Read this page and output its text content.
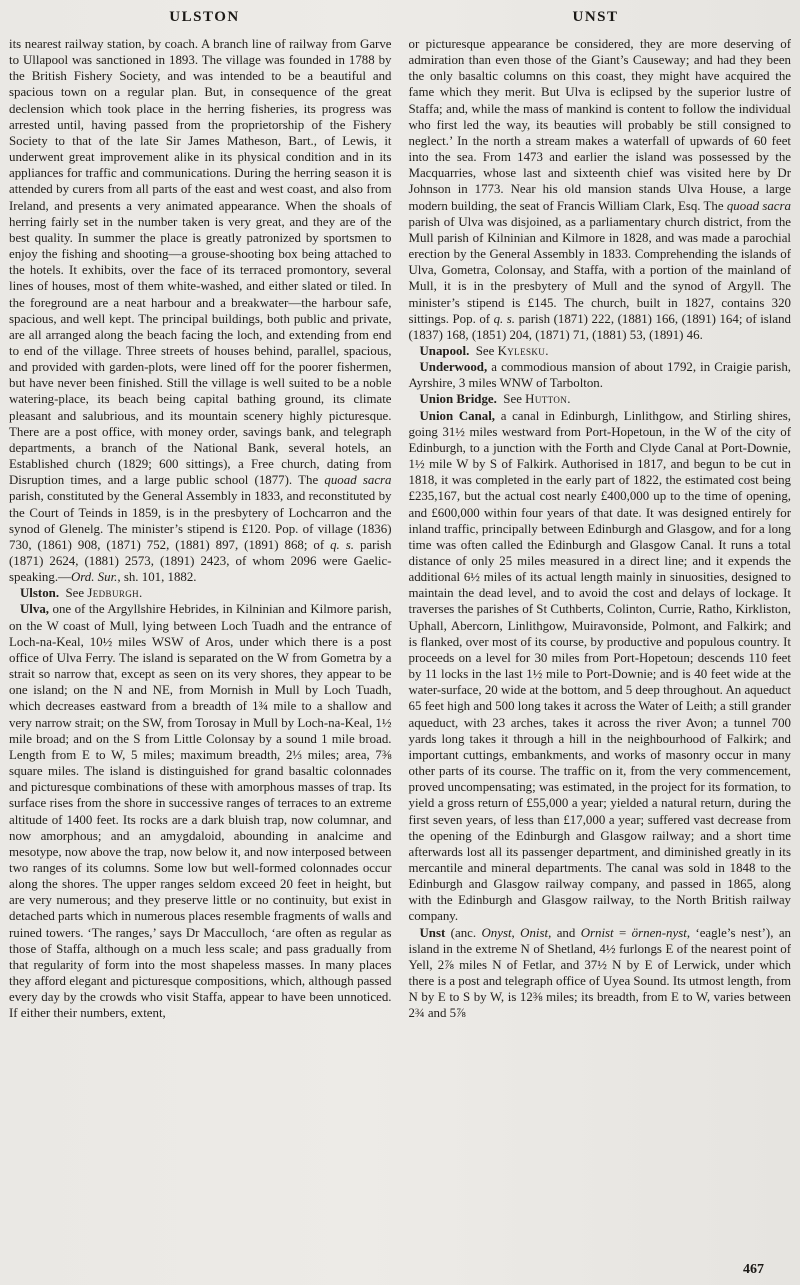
ULSTON	UNST

its nearest railway station, by coach. A branch line of railway from Garve to Ullapool was sanctioned in 1893. The village was founded in 1788 by the British Fishery Society, and was intended to be a beautiful and spacious town on a regular plan. But, in consequence of the great declension which took place in the herring fisheries, its progress was arrested until, having passed from the proprietorship of the Fishery Society to that of the late Sir James Matheson, Bart., of Lewis, it underwent great improvement alike in its physical condition and in its appliances for traffic and communications. During the herring season it is attended by curers from all parts of the east and west coast, and also from Ireland, and presents a very animated appearance. When the shoals of herring fairly set in the number taken is very great, and they are of the best quality. In summer the place is greatly patronized by sportsmen to enjoy the fishing and shooting—a grouse-shooting box being attached to the hotels. It exhibits, over the face of its terraced promontory, several lines of houses, most of them white-washed, and either slated or tiled. In the foreground are a neat harbour and a breakwater—the harbour safe, spacious, and well kept. The principal buildings, both public and private, are all arranged along the beach facing the loch, and extending from end to end of the village. Three streets of houses behind, parallel, spacious, and provided with garden-plots, were lined off for the poorer fishermen, but have never been finished. Still the village is well suited to be a noble watering-place, its beach being capital bathing ground, its climate pleasant and salubrious, and its mountain scenery highly picturesque. There are a post office, with money order, savings bank, and telegraph departments, a branch of the National Bank, several hotels, an Established church (1829; 600 sittings), a Free church, dating from Disruption times, and a large public school (1877). The quoad sacra parish, constituted by the General Assembly in 1833, and reconstituted by the Court of Teinds in 1859, is in the presbytery of Lochcarron and the synod of Glenelg. The minister’s stipend is £120. Pop. of village (1836) 730, (1861) 908, (1871) 752, (1881) 897, (1891) 868; of q. s. parish (1871) 2624, (1881) 2573, (1891) 2423, of whom 2096 were Gaelic-speaking.—Ord. Sur., sh. 101, 1882.

Ulston.  See Jedburgh.

Ulva, one of the Argyllshire Hebrides, in Kilninian and Kilmore parish, on the W coast of Mull, lying between Loch Tuadh and the entrance of Loch-na-Keal, 10½ miles WSW of Aros, under which there is a post office of Ulva Ferry. The island is separated on the W from Gometra by a strait so narrow that, except as seen on its very shores, they appear to be one island; on the N and NE, from Mornish in Mull by Loch Tuadh, which decreases eastward from a breadth of 1¾ mile to a shallow and very narrow strait; on the SW, from Torosay in Mull by Loch-na-Keal, 1½ mile broad; and on the S from Little Colonsay by a sound 1 mile broad. Length from E to W, 5 miles; maximum breadth, 2⅓ miles; area, 7⅜ square miles. The island is distinguished for grand basaltic colonnades and picturesque combinations of these with amorphous masses of trap. Its surface rises from the shore in successive ranges of terraces to an extreme altitude of 1400 feet. Its rocks are a dark bluish trap, now columnar, and now amorphous; and an amygdaloid, abounding in analcime and mesotype, now above the trap, now below it, and now interposed between two ranges of its columns. Some low but well-formed colonnades occur along the shores. The upper ranges seldom exceed 20 feet in height, but are very numerous; and they preserve little or no continuity, but exist in detached parts which in numerous places resemble fragments of walls and ruined towers. ‘The ranges,’ says Dr Macculloch, ‘are often as regular as those of Staffa, although on a much less scale; and pass gradually from that regularity of form into the most shapeless masses. In many places they afford elegant and picturesque compositions, which, although passed every day by the crowds who visit Staffa, appear to have been unnoticed. If either their numbers, extent,

or picturesque appearance be considered, they are more deserving of admiration than even those of the Giant’s Causeway; and had they been the only basaltic columns on this coast, they might have acquired the fame which they merit. But Ulva is eclipsed by the superior lustre of Staffa; and, while the mass of mankind is content to follow the individual who first led the way, its beauties will probably be still consigned to neglect.’ In the north a stream makes a waterfall of upwards of 60 feet into the sea. From 1473 and earlier the island was possessed by the Macquarries, whose last and sixteenth chief was visited here by Dr Johnson in 1773. Near his old mansion stands Ulva House, a large modern building, the seat of Francis William Clark, Esq. The quoad sacra parish of Ulva was disjoined, as a parliamentary church district, from the Mull parish of Kilninian and Kilmore in 1828, and was made a parochial erection by the General Assembly in 1833. Comprehending the islands of Ulva, Gometra, Colonsay, and Staffa, with a portion of the mainland of Mull, it is in the presbytery of Mull and the synod of Argyll. The minister’s stipend is £145. The church, built in 1827, contains 320 sittings. Pop. of q. s. parish (1871) 222, (1881) 166, (1891) 164; of island (1837) 168, (1851) 204, (1871) 71, (1881) 53, (1891) 46.

Unapool.  See Kylesku.

Underwood, a commodious mansion of about 1792, in Craigie parish, Ayrshire, 3 miles WNW of Tarbolton.

Union Bridge.  See Hutton.

Union Canal, a canal in Edinburgh, Linlithgow, and Stirling shires, going 31½ miles westward from Port-Hopetoun, in the W of the city of Edinburgh, to a junction with the Forth and Clyde Canal at Port-Downie, 1½ mile W by S of Falkirk. Authorised in 1817, and begun to be cut in 1818, it was completed in the early part of 1822, the estimated cost being £235,167, but the actual cost nearly £400,000 up to the time of opening, and £600,000 within four years of that date. It was designed entirely for inland traffic, principally between Edinburgh and Glasgow, and for a long time was often called the Edinburgh and Glasgow Canal. It runs a total distance of only 25 miles measured in a direct line; and it expends the additional 6½ miles of its actual length mainly in sinuosities, designed to maintain the dead level, and to avoid the cost and delays of lockage. It traverses the parishes of St Cuthberts, Colinton, Currie, Ratho, Kirkliston, Uphall, Abercorn, Linlithgow, Muiravonside, Polmont, and Falkirk; and is flanked, over most of its course, by productive and populous country. It proceeds on a level for 30 miles from Port-Hopetoun; descends 110 feet by 11 locks in the last 1½ mile to Port-Downie; and is 40 feet wide at the water-surface, 20 wide at the bottom, and 5 deep throughout. An aqueduct 65 feet high and 500 long takes it across the Water of Leith; a still grander aqueduct, with 23 arches, takes it across the river Avon; a tunnel 700 yards long takes it through a hill in the neighbourhood of Falkirk; and important cuttings, embankments, and works of masonry occur in many other parts of its course. The traffic on it, from the very commencement, proved uncompensating; was estimated, in the project for its formation, to yield a gross return of £55,000 a year; yielded a natural return, during the first seven years, of less than £17,000 a year; suffered vast decrease from the opening of the Edinburgh and Glasgow railway; and a short time afterwards lost all its passenger department, and diminished greatly in its mercantile and mineral departments. The canal was sold in 1848 to the Edinburgh and Glasgow railway company, and passed in 1865, along with the Edinburgh and Glasgow railway, to the North British railway company.

Unst (anc. Onyst, Onist, and Ornist = örnen-nyst, ‘eagle’s nest’), an island in the extreme N of Shetland, 4½ furlongs E of the nearest point of Yell, 2⅞ miles N of Fetlar, and 37½ N by E of Lerwick, under which there is a post and telegraph office of Uyea Sound. Its utmost length, from N by E to S by W, is 12⅜ miles; its breadth, from E to W, varies between 2¾ and 5⅞

467
